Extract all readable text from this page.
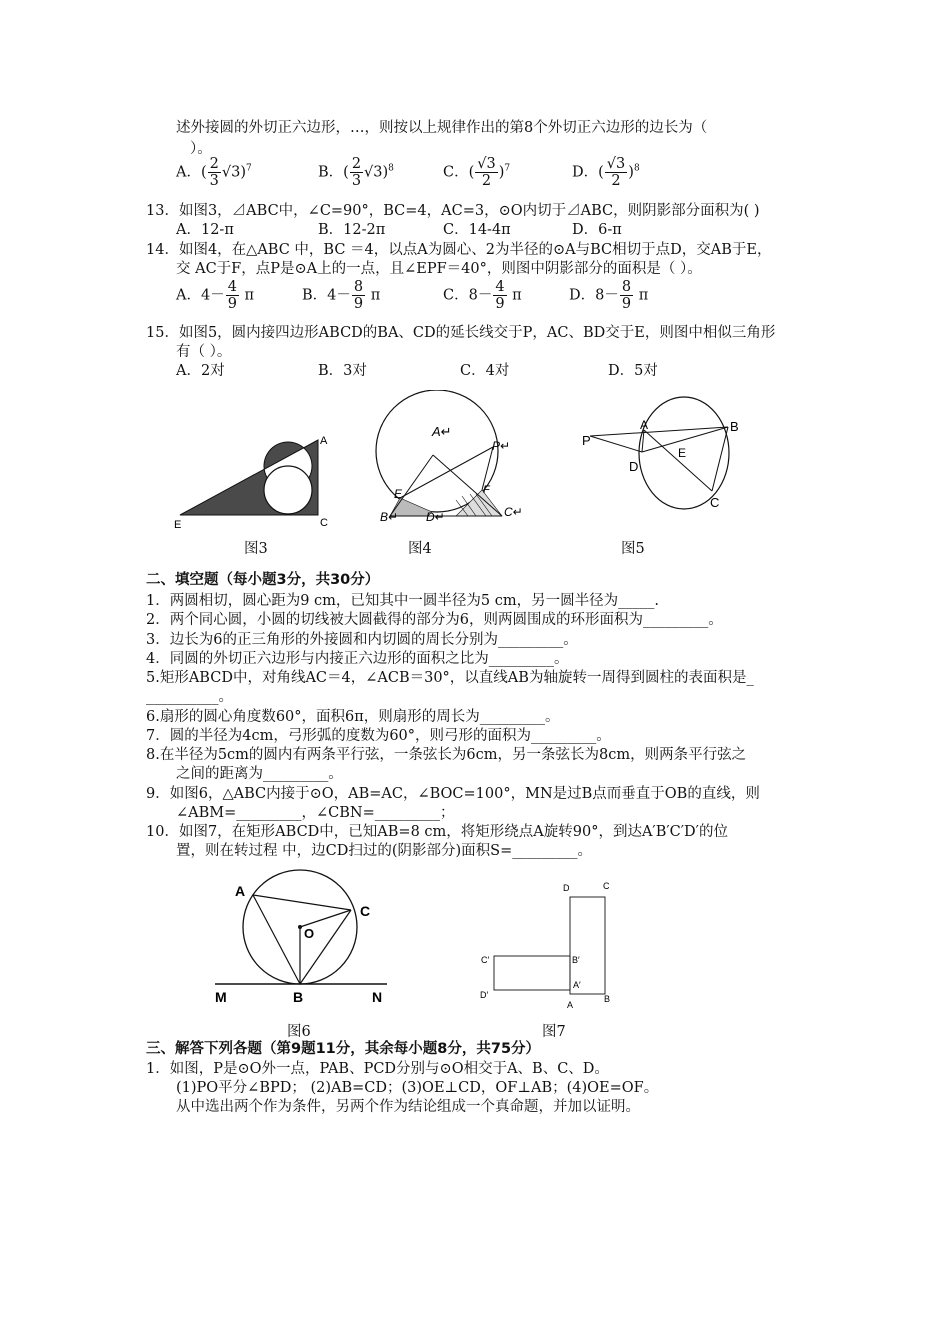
述外接圆的外切正六边形，…，则按以上规律作出的第8个外切正六边形的边长为（
）。
A．( $\frac{2}{3} √3)^7$	B．( $\frac{2}{3} √3)^8$	C．( $\frac{√3}{2} )^7$	D．( $\frac{√3}{2} )^8$
13．如图3，⊿ABC中，∠C=90°，BC=4，AC=3，⊙O内切于⊿ABC，则阴影部分面积为( )
A．12-π	B．12-2π	C．14-4π	D．6-π
14．如图4，在△ABC 中，BC ＝4，以点A为圆心、2为半径的⊙A与BC相切于点D，交AB于E，
交 AC于F，点P是⊙A上的一点，且∠EPF＝40°，则图中阴影部分的面积是（ ）。
A．$4- \frac{4}{9}$ π	B．$4- \frac{8}{9}$ π	C．$8- \frac{4}{9}$ π	D．$8- \frac{8}{9}$ π
15．如图5，圆内接四边形ABCD的BA、CD的延长线交于P，AC、BD交于E，则图中相似三角形
有（ ）。
A．2对	B．3对	C．4对	D．5对
A
E	C
图3
A↵
P↵
E	F
B↵ D↵	C↵
图4
P
A	B
D
E
C
图5
二、填空题（每小题3分，共30分）
1．两圆相切，圆心距为9 cm，已知其中一圆半径为5 cm，另一圆半径为_____.
2．两个同心圆，小圆的切线被大圆截得的部分为6，则两圆围成的环形面积为_________。
3．边长为6的正三角形的外接圆和内切圆的周长分别为_________。
4．同圆的外切正六边形与内接正六边形的面积之比为_________。
5.矩形ABCD中，对角线AC＝4，∠ACB＝30°，以直线AB为轴旋转一周得到圆柱的表面积是_
__________。
6.扇形的圆心角度数60°，面积6π，则扇形的周长为_________。
7．圆的半径为4cm，弓形弧的度数为60°，则弓形的面积为_________。
8.在半径为5cm的圆内有两条平行弦，一条弦长为6cm，另一条弦长为8cm，则两条平行弦之
之间的距离为_________。
9．如图6，△ABC内接于⊙O，AB=AC，∠BOC=100°，MN是过B点而垂直于OB的直线，则
∠ABM=_________，∠CBN=_________；
10．如图7，在矩形ABCD中，已知AB=8 cm，将矩形绕点A旋转90°，到达A′B′C′D′的位
置，则在转过程 中，边CD扫过的(阴影部分)面积S=_________。
A
C
O
M	B	N
图6
D	C
C′	B′
A′
D′
A
B
图7
三、解答下列各题（第9题11分，其余每小题8分，共75分）
1．如图，P是⊙O外一点，PAB、PCD分别与⊙O相交于A、B、C、D。
(1)PO平分∠BPD； (2)AB=CD；(3)OE⊥CD，OF⊥AB；(4)OE=OF。
从中选出两个作为条件，另两个作为结论组成一个真命题，并加以证明。
